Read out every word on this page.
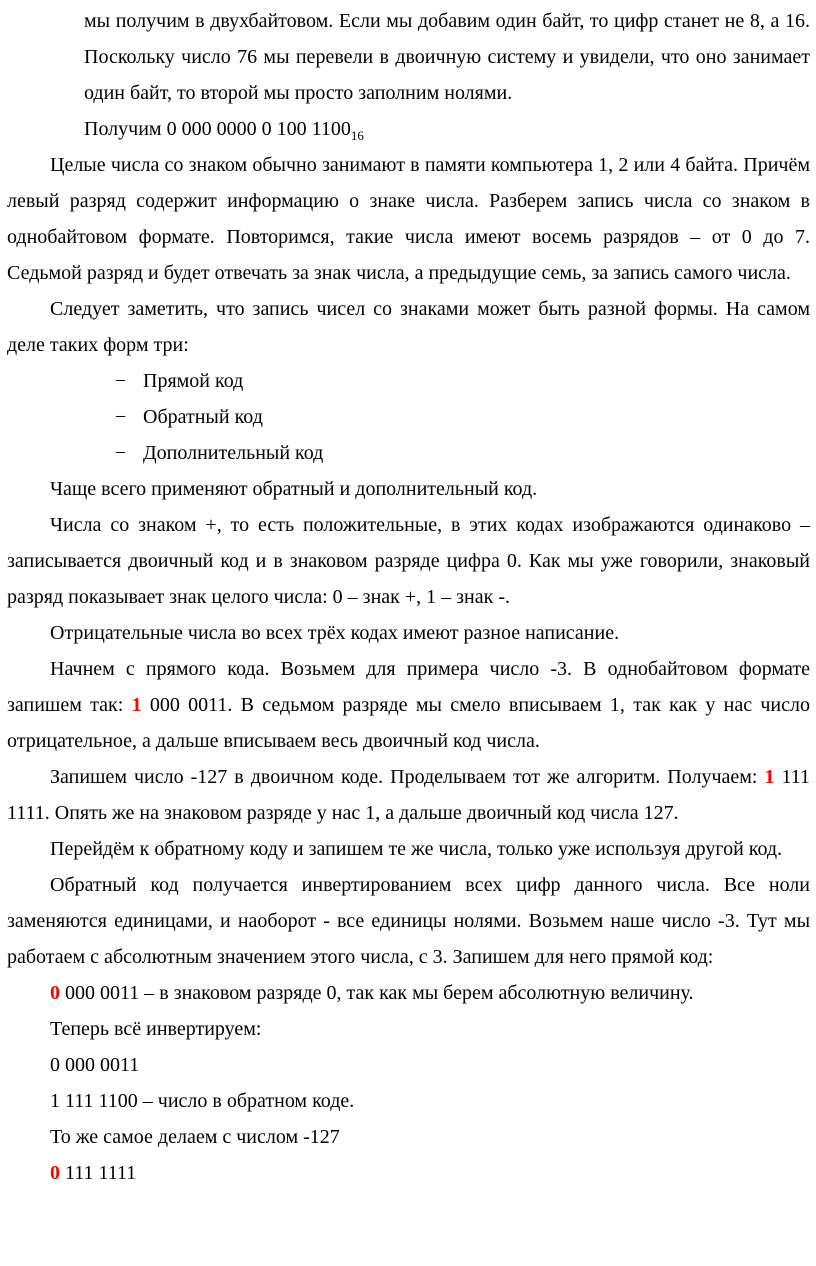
мы получим в двухбайтовом. Если мы добавим один байт, то цифр станет не 8, а 16. Поскольку число 76 мы перевели в двоичную систему и увидели, что оно занимает один байт, то второй мы просто заполним нолями.

Получим 0 000 0000 0 100 $1100_{16}$

Целые числа со знаком обычно занимают в памяти компьютера 1, 2 или 4 байта. Причём левый разряд содержит информацию о знаке числа. Разберем запись числа со знаком в однобайтовом формате. Повторимся, такие числа имеют восемь разрядов – от 0 до 7. Седьмой разряд и будет отвечать за знак числа, а предыдущие семь, за запись самого числа.

Следует заметить, что запись чисел со знаками может быть разной формы. На самом деле таких форм три:

− Прямой код

− Обратный код

− Дополнительный код

Чаще всего применяют обратный и дополнительный код.

Числа со знаком +, то есть положительные, в этих кодах изображаются одинаково – записывается двоичный код и в знаковом разряде цифра 0. Как мы уже говорили, знаковый разряд показывает знак целого числа: 0 – знак +, 1 – знак -.

Отрицательные числа во всех трёх кодах имеют разное написание.

Начнем с прямого кода. Возьмем для примера число -3. В однобайтовом формате запишем так: 1 000 0011. В седьмом разряде мы смело вписываем 1, так как у нас число отрицательное, а дальше вписываем весь двоичный код числа.

Запишем число -127 в двоичном коде. Проделываем тот же алгоритм. Получаем: 1 111 1111. Опять же на знаковом разряде у нас 1, а дальше двоичный код числа 127.

Перейдём к обратному коду и запишем те же числа, только уже используя другой код.

Обратный код получается инвертированием всех цифр данного числа. Все ноли заменяются единицами, и наоборот - все единицы нолями. Возьмем наше число -3. Тут мы работаем с абсолютным значением этого числа, с 3. Запишем для него прямой код:

0 000 0011 – в знаковом разряде 0, так как мы берем абсолютную величину.

Теперь всё инвертируем:

0 000 0011

1 111 1100 – число в обратном коде.

То же самое делаем с числом -127

0 111 1111
